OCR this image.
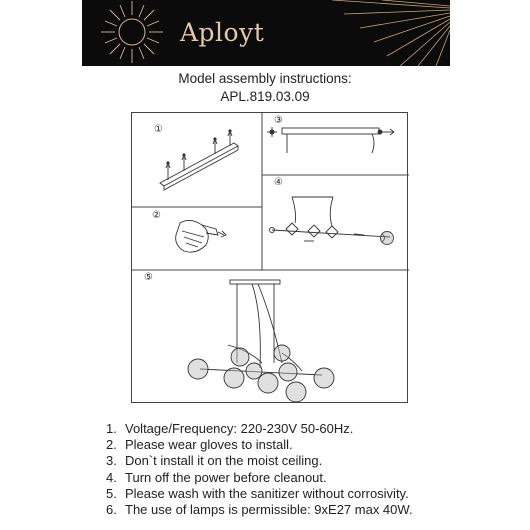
Aployt
Model assembly instructions:
APL.819.03.09
①
②
③
④
⑤
1. Voltage/Frequency: 220-230V 50-60Hz.
2. Please wear gloves to install.
3. Don`t install it on the moist ceiling.
4. Turn off the power before cleanout.
5. Please wash with the sanitizer without corrosivity.
6. The use of lamps is permissible: 9xE27 max 40W.
